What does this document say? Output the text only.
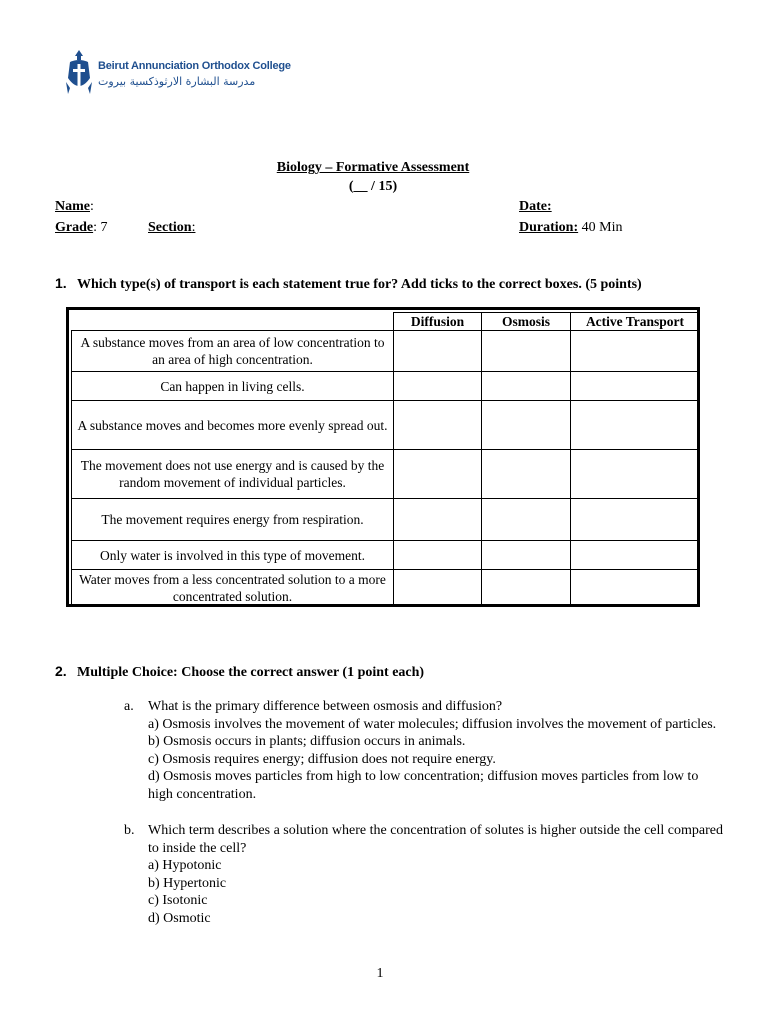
Beirut Annunciation Orthodox College
مدرسة البشارة الارثوذكسية بيروت
Biology – Formative Assessment
(__ / 15)
Name:	Date:
Grade: 7	Section:	Duration: 40 Min
1. Which type(s) of transport is each statement true for? Add ticks to the correct boxes. (5 points)
	Diffusion	Osmosis	Active Transport
A substance moves from an area of low concentration to an area of high concentration.			
Can happen in living cells.			
A substance moves and becomes more evenly spread out.			
The movement does not use energy and is caused by the random movement of individual particles.			
The movement requires energy from respiration.			
Only water is involved in this type of movement.			
Water moves from a less concentrated solution to a more concentrated solution.			
2. Multiple Choice: Choose the correct answer (1 point each)
a. What is the primary difference between osmosis and diffusion?
a) Osmosis involves the movement of water molecules; diffusion involves the movement of particles.
b) Osmosis occurs in plants; diffusion occurs in animals.
c) Osmosis requires energy; diffusion does not require energy.
d) Osmosis moves particles from high to low concentration; diffusion moves particles from low to high concentration.
b. Which term describes a solution where the concentration of solutes is higher outside the cell compared to inside the cell?
a) Hypotonic
b) Hypertonic
c) Isotonic
d) Osmotic
1
